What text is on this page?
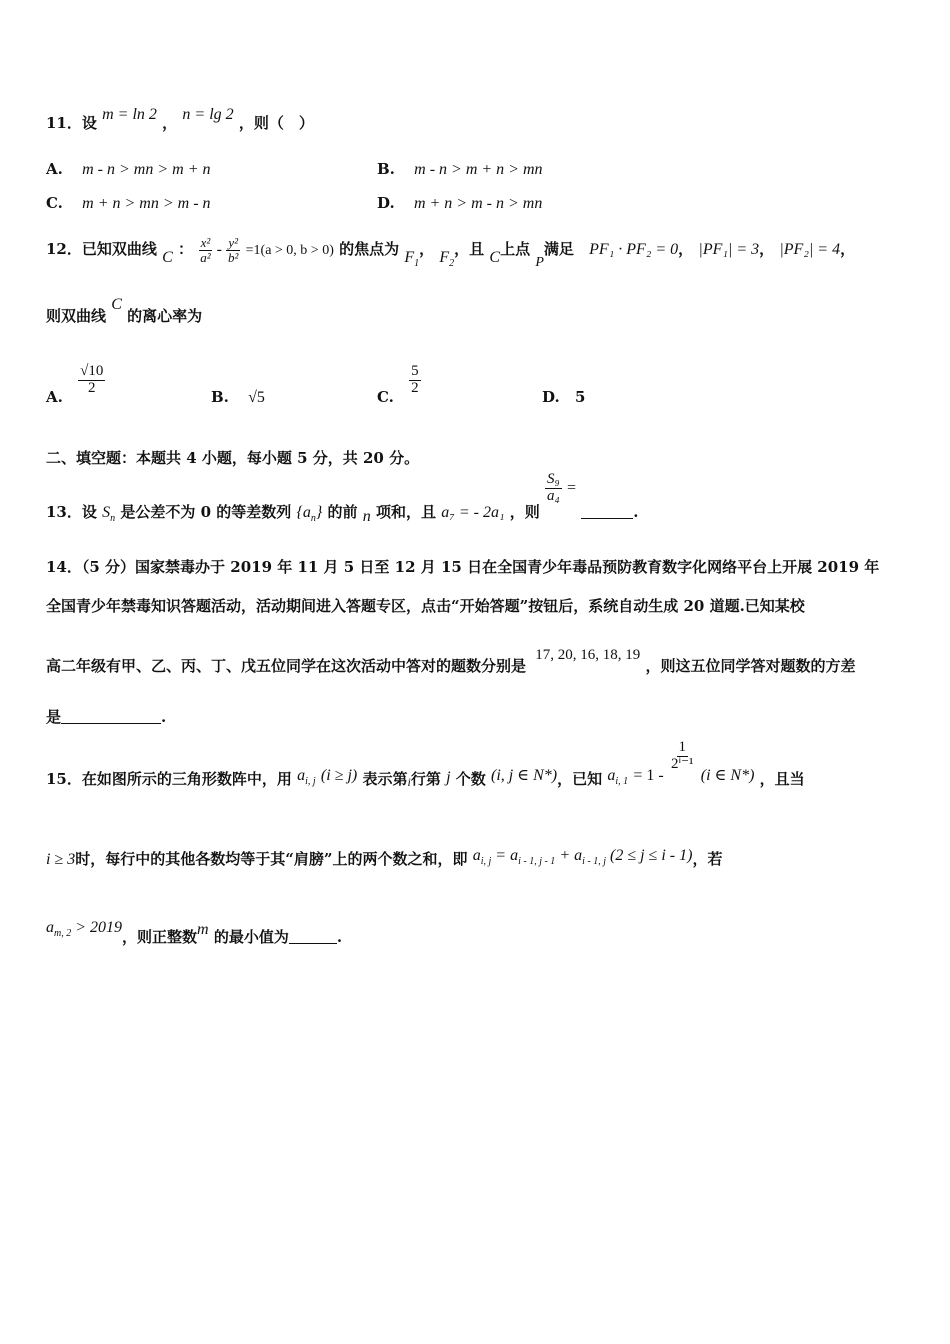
11．设 m = ln 2 ， n = lg 2 ，则（　）
A. m - n > mn > m + n	B. m - n > m + n > mn
C. m + n > mn > m - n	D. m + n > m - n > mn
12．已知双曲线 C ： $\frac{\text{x²}}{\text{a²}} - \frac{\text{y²}}{\text{b²}} =1(a > 0$, b > 0) 的焦点为 $F_1$， $F_2$，且 C上点 P满足 PF₁ · PF₂ = 0， |PF₁| = 3， |PF₂| = 4，
则双曲线 C 的离心率为
A.
$\frac{√10}{2}$
B. √5	C.
$\frac{5}{2}$
D. 5
二、填空题：本题共 4 小题，每小题 5 分，共 20 分。
13．设 $S_n$ 是公差不为 0 的等差数列 $\{a_n\}$ 的前 n 项和，且 a₇ = - 2a₁ ，则
$\frac{\text{S₉}}{\text{a₄}}$ = .
14．（5 分）国家禁毒办于 2019 年 11 月 5 日至 12 月 15 日在全国青少年毒品预防教育数字化网络平台上开展 2019 年
全国青少年禁毒知识答题活动，活动期间进入答题专区，点击“开始答题”按钮后，系统自动生成 20 道题.已知某校
高二年级有甲、乙、丙、丁、戊五位同学在这次活动中答对的题数分别是 17, 20, 16, 18, 19 ，则这五位同学答对题数的方差
是	.
15．在如图所示的三角形数阵中，用 $a_{i, j}$ (i ≥ j) 表示第$_i$行第 j 个数 (i, j ∈ N*)，已知 $a_{i, 1} = 1$ -
$\frac{1}{\text{2ⁱ⁻¹}}$
(i ∈ N*) ，且当
i ≥ 3时，每行中的其他各数均等于其“肩膀”上的两个数之和，即 $a_{i, j} = a_{i - 1, j - 1} + a_{i - 1, j}$ (2 ≤ j ≤ i - 1)，若
$a_{m, 2} > 2019$，则正整数m 的最小值为	.
